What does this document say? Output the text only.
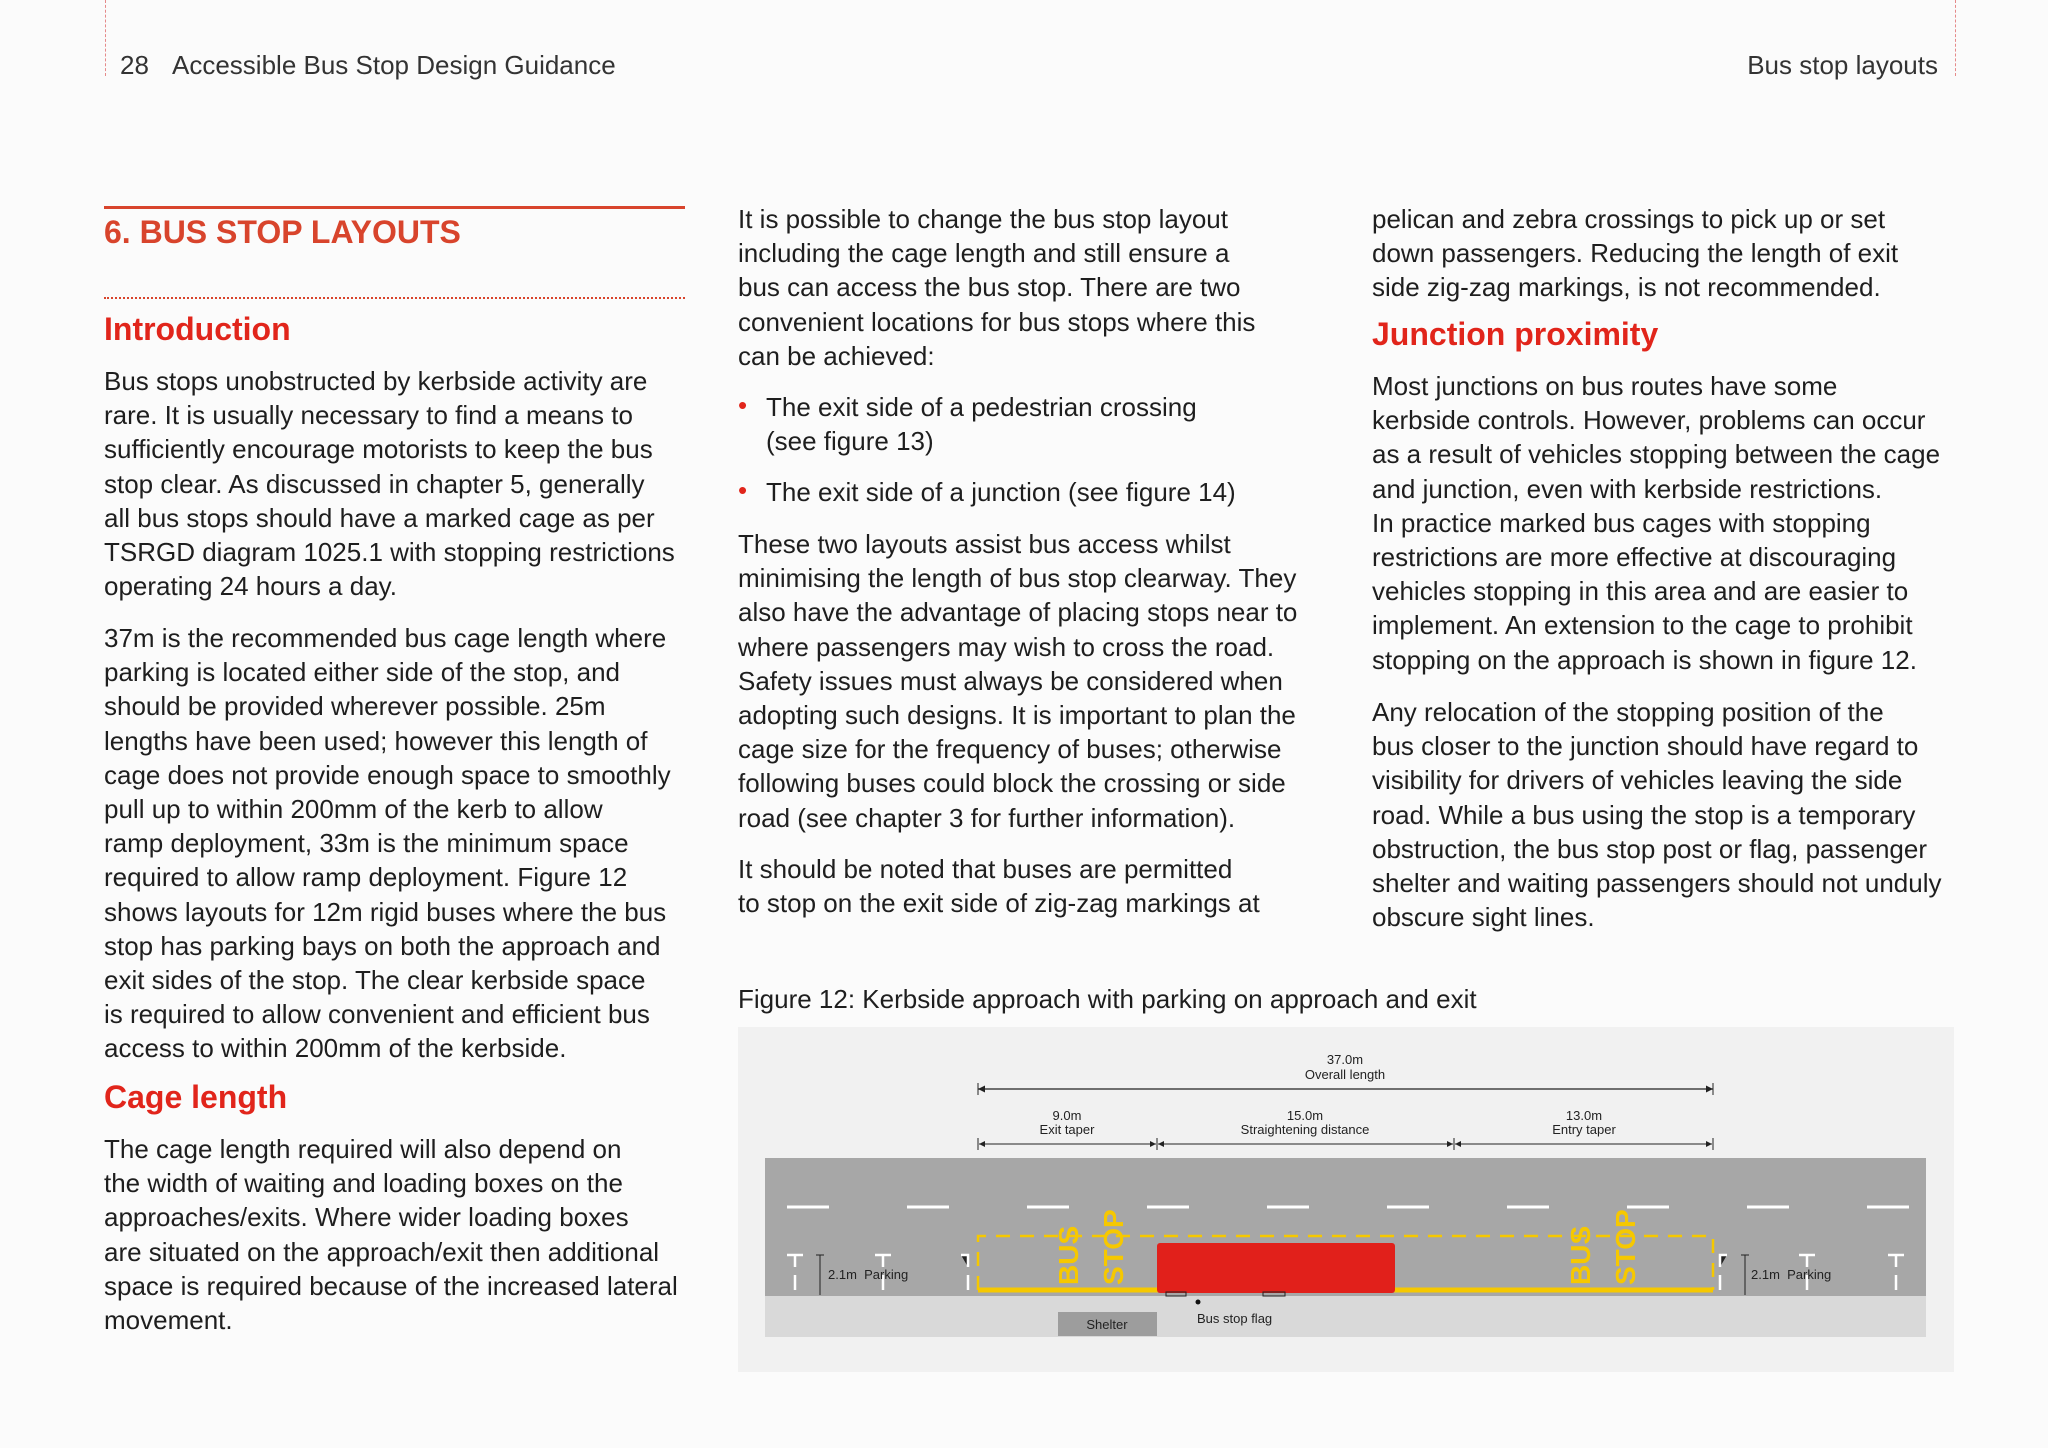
28 Accessible Bus Stop Design Guidance	Bus stop layouts
6. BUS STOP LAYOUTS
Introduction
Bus stops unobstructed by kerbside activity are
rare. It is usually necessary to find a means to
sufficiently encourage motorists to keep the bus
stop clear. As discussed in chapter 5, generally
all bus stops should have a marked cage as per
TSRGD diagram 1025.1 with stopping restrictions
operating 24 hours a day.
37m is the recommended bus cage length where
parking is located either side of the stop, and
should be provided wherever possible. 25m
lengths have been used; however this length of
cage does not provide enough space to smoothly
pull up to within 200mm of the kerb to allow
ramp deployment, 33m is the minimum space
required to allow ramp deployment. Figure 12
shows layouts for 12m rigid buses where the bus
stop has parking bays on both the approach and
exit sides of the stop. The clear kerbside space
is required to allow convenient and efficient bus
access to within 200mm of the kerbside.
Cage length
The cage length required will also depend on
the width of waiting and loading boxes on the
approaches/exits. Where wider loading boxes
are situated on the approach/exit then additional
space is required because of the increased lateral
movement.
It is possible to change the bus stop layout
including the cage length and still ensure a
bus can access the bus stop. There are two
convenient locations for bus stops where this
can be achieved:
• The exit side of a pedestrian crossing
(see figure 13)
• The exit side of a junction (see figure 14)
These two layouts assist bus access whilst
minimising the length of bus stop clearway. They
also have the advantage of placing stops near to
where passengers may wish to cross the road.
Safety issues must always be considered when
adopting such designs. It is important to plan the
cage size for the frequency of buses; otherwise
following buses could block the crossing or side
road (see chapter 3 for further information).
It should be noted that buses are permitted
to stop on the exit side of zig-zag markings at
pelican and zebra crossings to pick up or set
down passengers. Reducing the length of exit
side zig-zag markings, is not recommended.
Junction proximity
Most junctions on bus routes have some
kerbside controls. However, problems can occur
as a result of vehicles stopping between the cage
and junction, even with kerbside restrictions.
In practice marked bus cages with stopping
restrictions are more effective at discouraging
vehicles stopping in this area and are easier to
implement. An extension to the cage to prohibit
stopping on the approach is shown in figure 12.
Any relocation of the stopping position of the
bus closer to the junction should have regard to
visibility for drivers of vehicles leaving the side
road. While a bus using the stop is a temporary
obstruction, the bus stop post or flag, passenger
shelter and waiting passengers should not unduly
obscure sight lines.
Figure 12: Kerbside approach with parking on approach and exit
37.0m
Overall length
9.0m
Exit taper
15.0m
Straightening distance
13.0m
Entry taper
BUS STOP	BUS STOP
2.1m  Parking	2.1m  Parking
Shelter	Bus stop flag
